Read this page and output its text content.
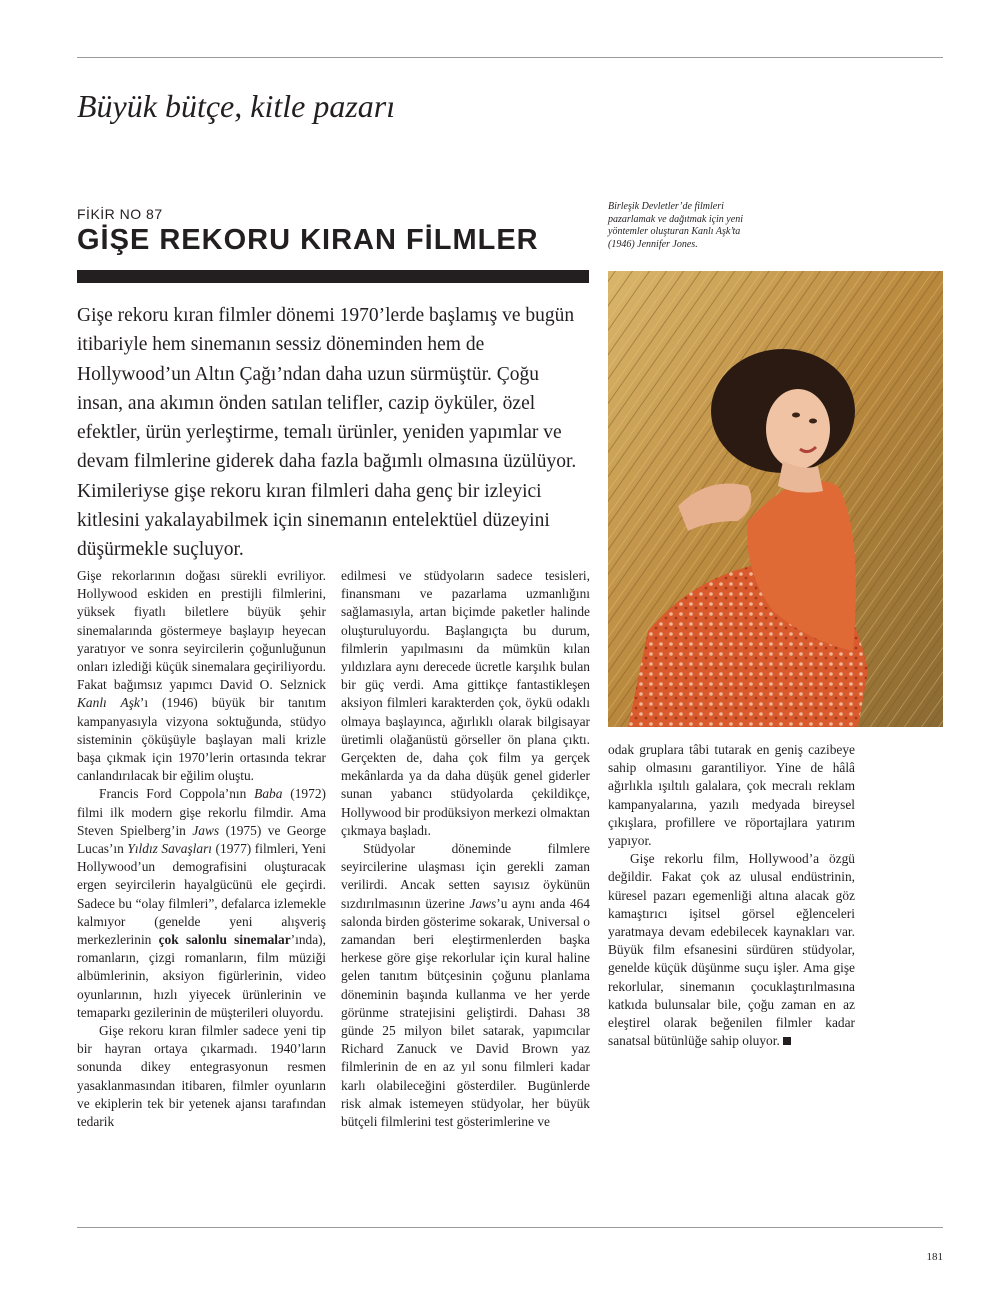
Büyük bütçe, kitle pazarı
FİKİR NO 87
GİŞE REKORU KIRAN FİLMLER

Gişe rekoru kıran filmler dönemi 1970’lerde başlamış ve bugün itibariyle hem sinemanın sessiz döneminden hem de Hollywood’un Altın Çağı’ndan daha uzun sürmüştür. Çoğu insan, ana akımın önden satılan telifler, cazip öyküler, özel efektler, ürün yerleştirme, temalı ürünler, yeniden yapımlar ve devam filmlerine giderek daha fazla bağımlı olmasına üzülüyor. Kimileriyse gişe rekoru kıran filmleri daha genç bir izleyici kitlesini yakalayabilmek için sinemanın entelektüel düzeyini düşürmekle suçluyor.

Gişe rekorlarının doğası sürekli evriliyor. Hollywood eskiden en prestijli filmlerini, yüksek fiyatlı biletlere büyük şehir sinemalarında göstermeye başlayıp heyecan yaratıyor ve sonra seyircilerin çoğunluğunun onları izlediği küçük sinemalara geçiriliyordu. Fakat bağımsız yapımcı David O. Selznick Kanlı Aşk’ı (1946) büyük bir tanıtım kampanyasıyla vizyona soktuğunda, stüdyo sisteminin çöküşüyle başlayan mali krizle başa çıkmak için 1970’lerin ortasında tekrar canlandırılacak bir eğilim oluştu.

Francis Ford Coppola’nın Baba (1972) filmi ilk modern gişe rekorlu filmdir. Ama Steven Spielberg’in Jaws (1975) ve George Lucas’ın Yıldız Savaşları (1977) filmleri, Yeni Hollywood’un demografisini oluşturacak ergen seyircilerin hayalgücünü ele geçirdi. Sadece bu “olay filmleri”, defalarca izlemekle kalmıyor (genelde yeni alışveriş merkezlerinin çok salonlu sinemalar’ında), romanların, çizgi romanların, film müziği albümlerinin, aksiyon figürlerinin, video oyunlarının, hızlı yiyecek ürünlerinin ve temaparkı gezilerinin de müşterileri oluyordu.

Gişe rekoru kıran filmler sadece yeni tip bir hayran ortaya çıkarmadı. 1940’ların sonunda dikey entegrasyonun resmen yasaklanmasından itibaren, filmler oyunların ve ekiplerin tek bir yetenek ajansı tarafından tedarik

edilmesi ve stüdyoların sadece tesisleri, finansmanı ve pazarlama uzmanlığını sağlamasıyla, artan biçimde paketler halinde oluşturuluyordu. Başlangıçta bu durum, filmlerin yapılmasını da mümkün kılan yıldızlara aynı derecede ücretle karşılık bulan bir güç verdi. Ama gittikçe fantastikleşen aksiyon filmleri karakterden çok, öykü odaklı olmaya başlayınca, ağırlıklı olarak bilgisayar üretimli olağanüstü görseller ön plana çıktı. Gerçekten de, daha çok film ya gerçek mekânlarda ya da daha düşük genel giderler sunan yabancı stüdyolarda çekildikçe, Hollywood bir prodüksiyon merkezi olmaktan çıkmaya başladı.

Stüdyolar döneminde filmlere seyircilerine ulaşması için gerekli zaman verilirdi. Ancak setten sayısız öykünün sızdırılmasının üzerine Jaws’u aynı anda 464 salonda birden gösterime sokarak, Universal o zamandan beri eleştirmenlerden başka herkese göre gişe rekorlular için kural haline gelen tanıtım bütçesinin çoğunu planlama döneminin başında kullanma ve her yerde görünme stratejisini geliştirdi. Dahası 38 günde 25 milyon bilet satarak, yapımcılar Richard Zanuck ve David Brown yaz filmlerinin de en az yıl sonu filmleri kadar karlı olabileceğini gösterdiler. Bugünlerde risk almak istemeyen stüdyolar, her büyük bütçeli filmlerini test gösterimlerine ve

Birleşik Devletler’de filmleri pazarlamak ve dağıtmak için yeni yöntemler oluşturan Kanlı Aşk’ta (1946) Jennifer Jones.

odak gruplara tâbi tutarak en geniş cazibeye sahip olmasını garantiliyor. Yine de hâlâ ağırlıkla ışıltılı galalara, çok mecralı reklam kampanyalarına, yazılı medyada bireysel çıkışlara, profillere ve röportajlara yatırım yapıyor.

Gişe rekorlu film, Hollywood’a özgü değildir. Fakat çok az ulusal endüstrinin, küresel pazarı egemenliği altına alacak göz kamaştırıcı işitsel görsel eğlenceleri yaratmaya devam edebilecek kaynakları var. Büyük film efsanesini sürdüren stüdyolar, genelde küçük düşünme suçu işler. Ama gişe rekorlular, sinemanın çocuklaştırılmasına katkıda bulunsalar bile, çoğu zaman en az eleştirel olarak beğenilen filmler kadar sanatsal bütünlüğe sahip oluyor.

181
